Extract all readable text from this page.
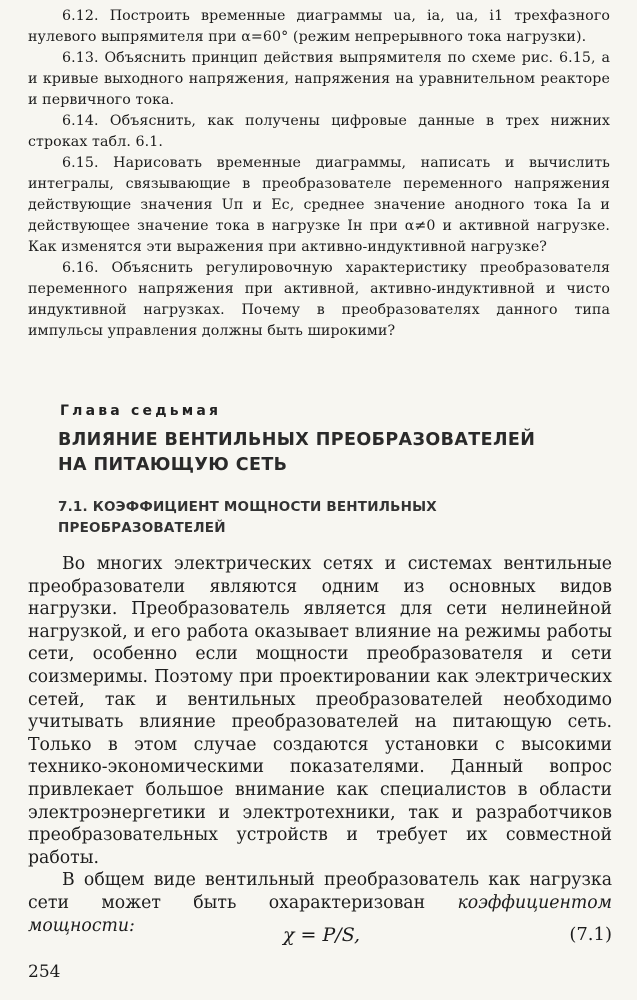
6.12. Построить временные диаграммы ua, ia, ua, i1 трехфазного нулевого выпрямителя при α=60° (режим непрерывного тока нагрузки).

6.13. Объяснить принцип действия выпрямителя по схеме рис. 6.15, а и кривые выходного напряжения, напряжения на уравнительном реакторе и первичного тока.

6.14. Объяснить, как получены цифровые данные в трех нижних строках табл. 6.1.

6.15. Нарисовать временные диаграммы, написать и вычислить интегралы, связывающие в преобразователе переменного напряжения действующие значения Uп и Ec, среднее значение анодного тока Ia и действующее значение тока в нагрузке Iн при α≠0 и активной нагрузке. Как изменятся эти выражения при активно-индуктивной нагрузке?

6.16. Объяснить регулировочную характеристику преобразователя переменного напряжения при активной, активно-индуктивной и чисто индуктивной нагрузках. Почему в преобразователях данного типа импульсы управления должны быть широкими?

Глава седьмая
ВЛИЯНИЕ ВЕНТИЛЬНЫХ ПРЕОБРАЗОВАТЕЛЕЙ
НА ПИТАЮЩУЮ СЕТЬ
7.1. КОЭФФИЦИЕНТ МОЩНОСТИ ВЕНТИЛЬНЫХ
ПРЕОБРАЗОВАТЕЛЕЙ

Во многих электрических сетях и системах вентильные преобразователи являются одним из основных видов нагрузки. Преобразователь является для сети нелинейной нагрузкой, и его работа оказывает влияние на режимы работы сети, особенно если мощности преобразователя и сети соизмеримы. Поэтому при проектировании как электрических сетей, так и вентильных преобразователей необходимо учитывать влияние преобразователей на питающую сеть. Только в этом случае создаются установки с высокими технико-экономическими показателями. Данный вопрос привлекает большое внимание как специалистов в области электроэнергетики и электротехники, так и разработчиков преобразовательных устройств и требует их совместной работы.

В общем виде вентильный преобразователь как нагрузка сети может быть охарактеризован коэффициентом мощности:	χ = P/S,	(7.1)
254
